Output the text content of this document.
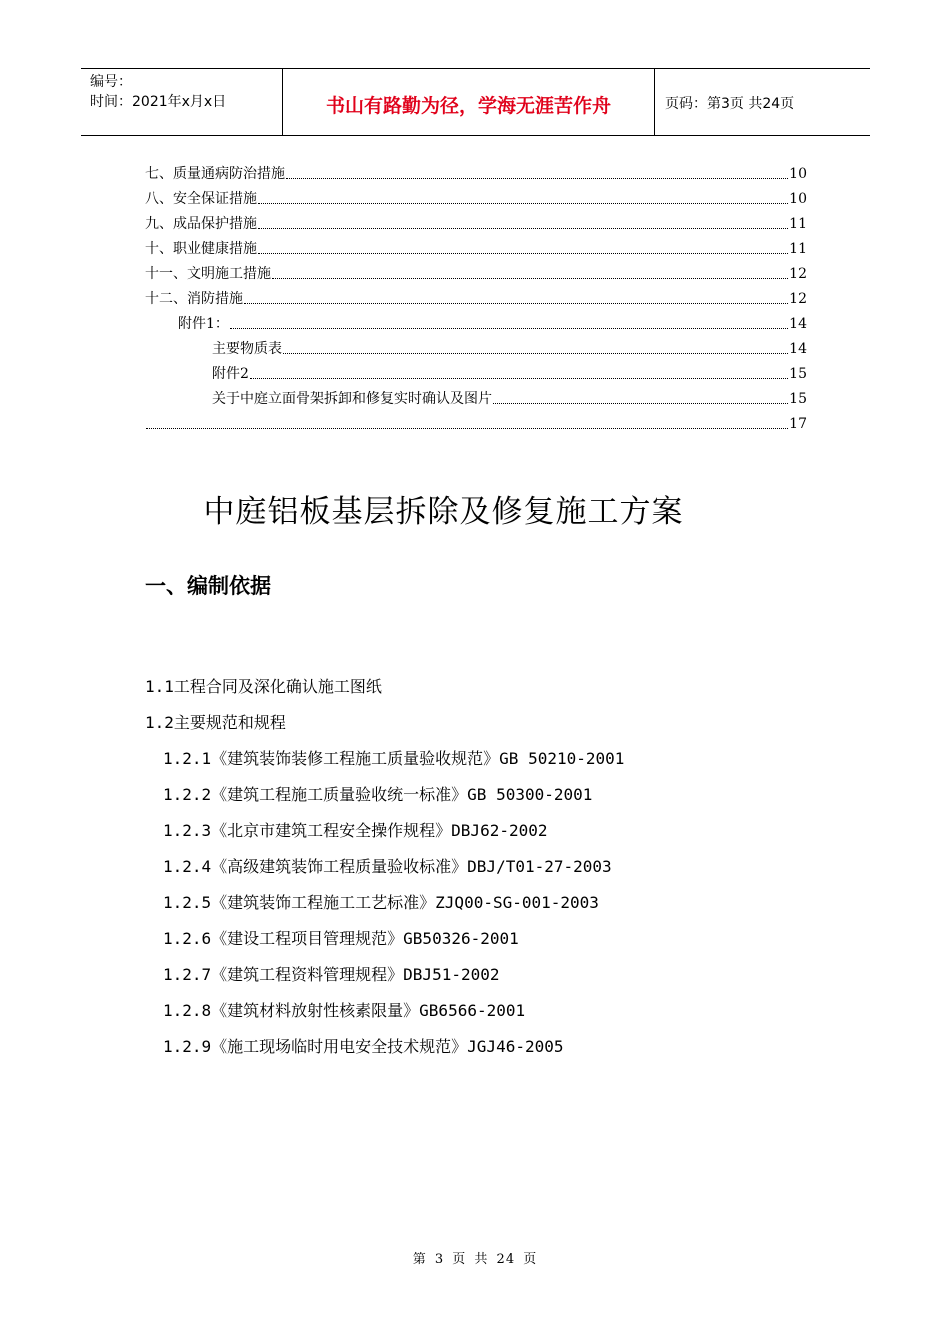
编号：
时间：2021年x月x日	书山有路勤为径，学海无涯苦作舟	页码：第3页 共24页
七、质量通病防治措施	10
八、安全保证措施	10
九、成品保护措施	11
十、职业健康措施	11
十一、文明施工措施	12
十二、消防措施	12
附件1：	14
主要物质表	14
附件2	15
关于中庭立面骨架拆卸和修复实时确认及图片	15
17
中庭铝板基层拆除及修复施工方案
一、编制依据
1.1工程合同及深化确认施工图纸
1.2主要规范和规程
1.2.1《建筑装饰装修工程施工质量验收规范》GB 50210-2001
1.2.2《建筑工程施工质量验收统一标准》GB 50300-2001
1.2.3《北京市建筑工程安全操作规程》DBJ62-2002
1.2.4《高级建筑装饰工程质量验收标准》DBJ/T01-27-2003
1.2.5《建筑装饰工程施工工艺标准》ZJQ00-SG-001-2003
1.2.6《建设工程项目管理规范》GB50326-2001
1.2.7《建筑工程资料管理规程》DBJ51-2002
1.2.8《建筑材料放射性核素限量》GB6566-2001
1.2.9《施工现场临时用电安全技术规范》JGJ46-2005
第 3 页 共 24 页
